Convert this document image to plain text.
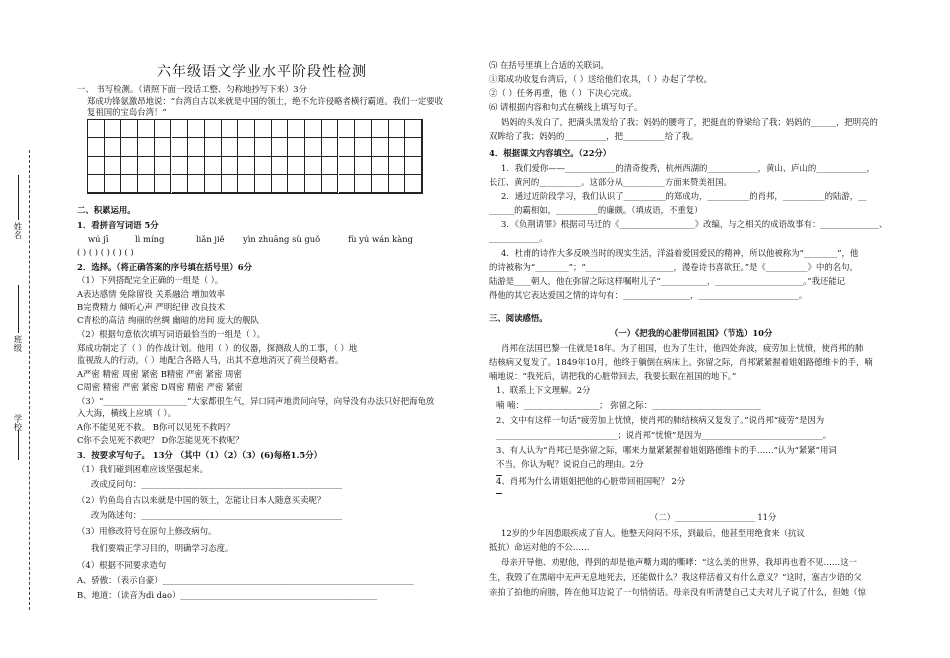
姓名
班级
学校
六年级语文学业水平阶段性检测
一、 书写检测。（请照下面一段话工整、匀称地抄写下来）3分
郑成功锋氨激昂地说：“台湾自古以来就是中国的领土，绝不允许侵略者横行霸道。我们一定要收
复祖国的宝岛台湾！”
二、积累运用。
1．看拼音写词语 5分
wú jī	lì míng	liǎn jiě yìn zhuāng sù guǒ	fù yú wán kàng
( ) ( ) ( ) ( ) ( )
2．选择。（将正确答案的序号填在括号里）6分
（1）下列搭配完全正确的一组是（ ）。
A表达感情 免除留役 关系融洽 增加效率
B完费精力 倾听心声 严明纪律 改良技术
C青松的高洁 绚丽的丝绸 幽暗的房间 庞大的舰队
（2）根据句意依次填写词语最恰当的一组是（ ）。
郑成功制定了（ ）的作战计划。他用（ ）的仪器，探测敌人的工事，（ ）地
监视敌人的行动，（ ）地配合各路人马，出其不意地消灭了荷兰侵略者。
A严密 精密 周密 紧密 B精密 严密 紧密 周密
C周密 精密 严密 紧密 D周密 精密 严密 紧密
（3）“____________________”大家都很生气，异口同声地责问向导，向导没有办法只好把海龟放
入大海，横线上应填（ ）。
A你不能见死不救。 B你可以见死不救吗？
C你不会见死不救吧？ D你怎能见死不救呢？
3．按要求写句子。 13分 （其中（1）（2）（3）(6)每格1.5分）
（1）我们碰到困难应该坚强起来。
改成反问句：________________________________________________
（2）钓鱼岛自古以来就是中国的领土，怎能让日本人随意买卖呢？
改为陈述句：________________________________________________
（3）用修改符号在原句上修改病句。
我们要端正学习目的，明确学习态度。
（4）根据不同要求造句
A、骄傲：（表示自豪）____________________________________________________________
B、地道：（读音为dì dao）_______________________________________________
⑸ 在括号里填上合适的关联词。
①郑成功收复台湾后，（ ）送给他们农具，（ ）办起了学校。
②（ ）任务再重，他（ ）下决心完成。
⑹ 请根据内容和句式在横线上填写句子。
妈妈的头发白了，把满头黑发给了我；妈妈的腰弯了，把挺直的脊梁给了我；妈妈的______，把明亮的
双眸给了我；妈妈的__________，把__________给了我。
4．根据课文内容填空。（22分）
1．我们爱你——____________的清奇俊秀，杭州西湖的____________，黄山、庐山的____________，
长江、黄河的__________。这部分从__________方面来赞美祖国。
2．通过近阶段学习，我们认识了__________的郑成功，__________的肖邦，__________的陆游，__
______的霸相如，__________的廉颇。（填成语，不重复）
3．《负荆请罪》根据司马迁的《__________________》改编，与之相关的成语故事有：______________、
____________。
4．杜甫的诗作大多反映当时的现实生活，洋溢着爱国爱民的精神，所以他被称为“________”，他
的诗被称为“________”；“_____________________，漫卷诗书喜欲狂。”是《__________》中的名句。
陆游是____朝人，他在弥留之际这样嘱咐儿子“___________，_____________________。”我还能记
得他的其它表达爱国之情的诗句有：________________，________________________。
三、阅读感悟。
（一）《把我的心脏带回祖国》（节选）10分
肖邦在法国巴黎一住就是18年。为了祖国，也为了生计，他四处奔波，疲劳加上忧愤，使肖邦的肺
结核病又复发了。1849年10月，他终于躺倒在病床上。弥留之际，肖邦紧紧握着姐姐路德维卡的手，喃
喃地说：“我死后，请把我的心脏带回去，我要长眠在祖国的地下。”
1、联系上下文理解。2分
喃 喃：__________________； 弥留之际：__________________________
2、文中有这样一句话“疲劳加上忧愤，使肖邦的肺结核病又复发了。”说肖邦“疲劳”是因为
_____________________________；说肖邦“忧愤”是因为_____________________________。
3、有人认为“肖邦已是弥留之际，哪来力量紧紧握着姐姐路德维卡的手……”认为“紧紧”用词
不当，你认为呢？说说自己的理由。2分
4、肖邦为什么请姐姐把他的心脏带回祖国呢？ 2分
（二）___________________ 11分
12岁的少年因患眼疾成了盲人。他整天闷闷不乐，到最后，他甚至用绝食来（抗议
抵抗）命运对他的不公……
母亲开导他、劝慰他，得到的却是他声嘶力竭的嘶哮：“这么美的世界，我却再也看不见……这一
生，我毁了在黑暗中无声无息地死去，还能做什么？我这样活着又有什么意义？”这时，塞吉少语的父
亲拍了拍他的肩膀，阵在他耳边说了一句悄悄话。母亲没有听清楚自己丈夫对儿子说了什么，但她（惊
